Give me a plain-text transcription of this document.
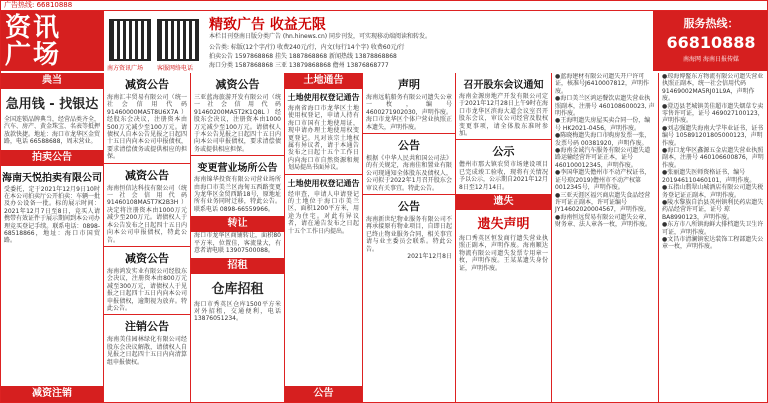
广告热线: 66810888
资讯
广场	南方资讯广场 客服网络电话
精致广告 收益无限
本栏目刊登南日版分类广告 (hn.hinews.cn) 同步刊发，可实现移动端阅读和转发。
公告类: 标版(12个字/行) 收费240元/行，内文(每行14个字) 收费60元/行
拍卖公告 1597868868 挂失 1887868868 新闻热线 13878868868
海口分类 1587868868 三亚 13879868868 儋州 13876868777
服务热线：
66810888
南海网 海南日报传媒
典当
急用钱 - 找银达
全国连锁品牌典当，经营品类齐全，汽车、房产、黄金珠宝、名表等抵押放款快捷。地址：海口市龙华区金贸路，电话 66588688，周末营业。
拍卖公告
海南天悦拍卖有限公司
受委托，定于2021年12月9日10时在本公司拍卖厅公开拍卖：车辆一批及办公设备一批。标的展示时间：2021年12月7日至8日，竞买人请携带有效证件于展示期间到本公司办理竞买登记手续。联系电话：0898-68518866，地址：海口市国贸路。
减资注销
减资公告
海南汇丰贸易有限公司（统一社会信用代码 91460000MA5T8U6X7A）经股东会决议，注册资本由500万元减少至100万元。请债权人自本公告见报之日起四十五日内向本公司申报债权，要求清偿债务或提供相应的担保。
减资公告
海南恒信达科技有限公司（统一社会信用代码 91460108MA5T7K2B3H）决定将注册资本由1000万元减少至200万元。请债权人于本公告发布之日起四十五日内向本公司申报债权，特此公告。
减资公告
海南鸿发实业有限公司经股东会决议，注册资本由800万元减至300万元，请债权人于见报之日起四十五日内向本公司申报债权，逾期视为放弃。特此公告。
注销公告
海南美佳园林绿化有限公司经股东会决议解散，请债权人自见报之日起四十五日内向清算组申报债权。
减资公告
三亚蓝海旅游开发有限公司（统一社会信用代码 91460200MA5T2K1Q8L）经股东会决议，注册资本由1000万元减少至100万元。请债权人于本公告见报之日起四十五日内向本公司申报债权，要求清偿债务或提供相应担保。
变更营业场所公告
海南锦华投资有限公司营业场所由海口市美兰区海甸五西路变更为龙华区金贸西路18号，原地址所有业务同时迁移，特此公告。联系电话 0898-66559966。
转让
海口市龙华区商铺转让，面积80平方米，位置佳，客流量大，有意者请电联 13907500088。
招租
仓库招租
海口市秀英区仓库1500平方米对外招租，交通便利，电话 13876051234。
土地通告
土地使用权登记通告
海南省海口市龙华区土地使用权登记，申请人持有海口市国有土地使用证，现申请办理土地使用权变更登记。凡对该宗土地权属有异议者，请于本通告发布之日起十五个工作日内向海口市自然资源和规划局提出书面异议。
土地使用权登记通告
经审查，申请人申请登记的土地位于海口市美兰区，面积1200平方米，用途为住宅。对此有异议者，请在通告发布之日起十五个工作日内提出。
公告
声明
海南远航船务有限公司遗失公章一枚，编号 4600271902030，声明作废。海口市龙华区个体户营业执照正本遗失，声明作废。
公告
根据《中华人民共和国公司法》的有关规定，海南佳和置业有限公司现通知全体股东及债权人，公司拟于2022年1月召开股东会审议有关事宜。特此公告。
公告
海南新世纪物业服务有限公司不再承接原有物业项目，自即日起已终止物业服务合同，相关事宜请与业主委员会联系。特此公告。
2021年12月8日
召开股东会议通知
海南金源房地产开发有限公司定于2021年12月28日上午9时在海口市龙华区滨海大道会议室召开股东会议，审议公司经营及股权变更事项，请全体股东准时参加。
公示
儋州市那大镇农贸市场建设项目已完成竣工验收，现将有关情况予以公示，公示期自2021年12月8日至12月14日。
遗失
遗失声明
海口秀英区恒发商行遗失营业执照正副本，声明作废。海南顺达物流有限公司遗失发票专用章一枚，声明作废。王某某遗失身份证，声明作废。
●蓝海建材有限公司遗失开户许可证，核准号J6410007812，声明作废。
●海口美兰区鸿运餐饮店遗失营业执照副本，注册号 460108600023, 声明作废。
●王海明遗失房屋买卖合同一份，编号 HK2021-0456，声明作废。
●陈晓梅遗失海口市购房发票一张，发票号码 00381920，声明作废。
●海南金诚汽车服务有限公司遗失道路运输经营许可证正本，证号 460100012345，声明作废。
●李国华遗失儋州市不动产权证书，证号琼(2019)儋州市不动产权第0012345号，声明作废。
●三亚天涯区福兴商店遗失食品经营许可证正副本，许可证编号 JY14602020004567，声明作废。
●海南恒远贸易有限公司遗失公章、财务章、法人章各一枚，声明作废。
●琼海博鳌东方物流有限公司遗失营业执照正副本，统一社会信用代码 91469002MA5RJ01L9A，声明作废。
●澄迈县老城镇美佳超市遗失烟草专卖零售许可证，证号 469027100123，声明作废。
●刘志强遗失海南大学毕业证书，证书编号 105891201805000123，声明作废。
●海口龙华区鑫源五金店遗失营业执照副本，注册号 460106600876，声明作废。
●张丽遗失医师资格证书，编号 201946110460101，声明作废。
●五指山翡翠山城酒店有限公司遗失税务登记证正副本，声明作废。
●陵水黎族自治县英州镇利民药店遗失药品经营许可证，证号 琼BA8990123，声明作废。
●东方市八所镇海鲜大排档遗失卫生许可证，声明作废。
●文昌市清澜镇宏达装饰工程部遗失公章一枚，声明作废。
